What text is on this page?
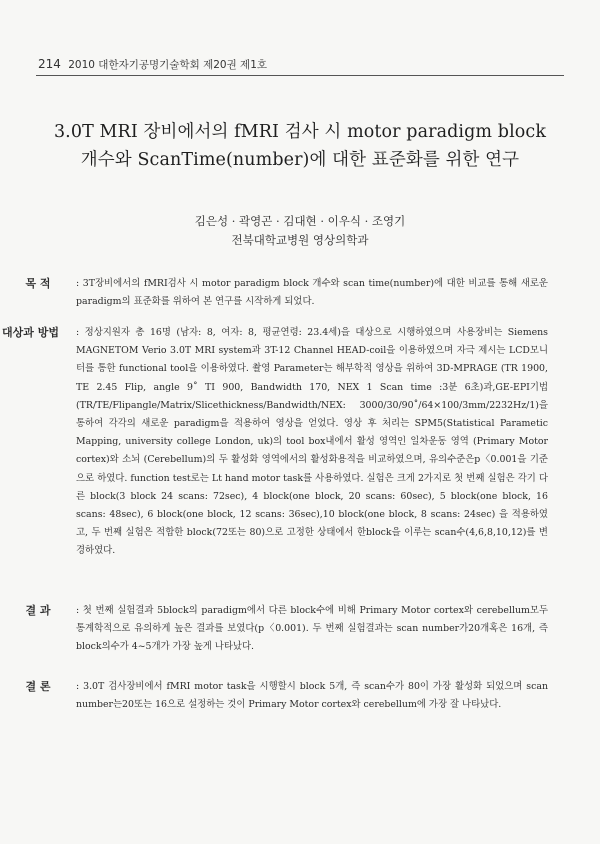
214 2010 대한자기공명기술학회 제20권 제1호
3.0T MRI 장비에서의 fMRI 검사 시 motor paradigm block
개수와 ScanTime(number)에 대한 표준화를 위한 연구
김은성 · 곽영곤 · 김대현 · 이우식 · 조영기
전북대학교병원 영상의학과
목 적	: 3T장비에서의 fMRI검사 시 motor paradigm block 개수와 scan time(number)에 대한 비교를 통해 새로운 paradigm의 표준화를 위하여 본 연구를 시작하게 되었다.

대상과 방법	: 정상지원자 총 16명 (남자: 8, 여자: 8, 평균연령: 23.4세)을 대상으로 시행하였으며 사용장비는 Siemens MAGNETOM Verio 3.0T MRI system과 3T-12 Channel HEAD-coil을 이용하였으며 자극 제시는 LCD모니터를 통한 functional tool을 이용하였다. 촬영 Parameter는 해부학적 영상을 위하여 3D-MPRAGE (TR 1900, TE 2.45 Flip, angle 9˚ TI 900, Bandwidth 170, NEX 1 Scan time :3분 6초)과,GE-EPI기법 (TR/TE/Flipangle/Matrix/Slicethickness/Bandwidth/NEX: 3000/30/90˚/64×100/3mm/2232Hz/1)을 통하여 각각의 새로운 paradigm을 적용하여 영상을 얻었다. 영상 후 처리는 SPM5(Statistical Parametic Mapping, university college London, uk)의 tool box내에서 활성 영역인 일차운동 영역 (Primary Motor cortex)와 소뇌 (Cerebellum)의 두 활성화 영역에서의 활성화용적을 비교하였으며, 유의수준은p〈0.001을 기준으로 하였다. function test로는 Lt hand motor task를 사용하였다. 실험은 크게 2가지로 첫 번째 실험은 각기 다른 block(3 block 24 scans: 72sec), 4 block(one block, 20 scans: 60sec), 5 block(one block, 16 scans: 48sec), 6 block(one block, 12 scans: 36sec),10 block(one block, 8 scans: 24sec) 을 적용하였고, 두 번째 실험은 적합한 block(72또는 80)으로 고정한 상태에서 한block을 이루는 scan수(4,6,8,10,12)를 변경하였다.

결 과	: 첫 번째 실험결과 5block의 paradigm에서 다른 block수에 비해 Primary Motor cortex와 cerebellum모두 통계학적으로 유의하게 높은 결과를 보였다(p〈0.001). 두 번째 실험결과는 scan number가20개혹은 16개, 즉 block의수가 4~5개가 가장 높게 나타났다.

결 론	: 3.0T 검사장비에서 fMRI motor task을 시행할시 block 5개, 즉 scan수가 80이 가장 활성화 되었으며 scan number는20또는 16으로 설정하는 것이 Primary Motor cortex와 cerebellum에 가장 잘 나타났다.
